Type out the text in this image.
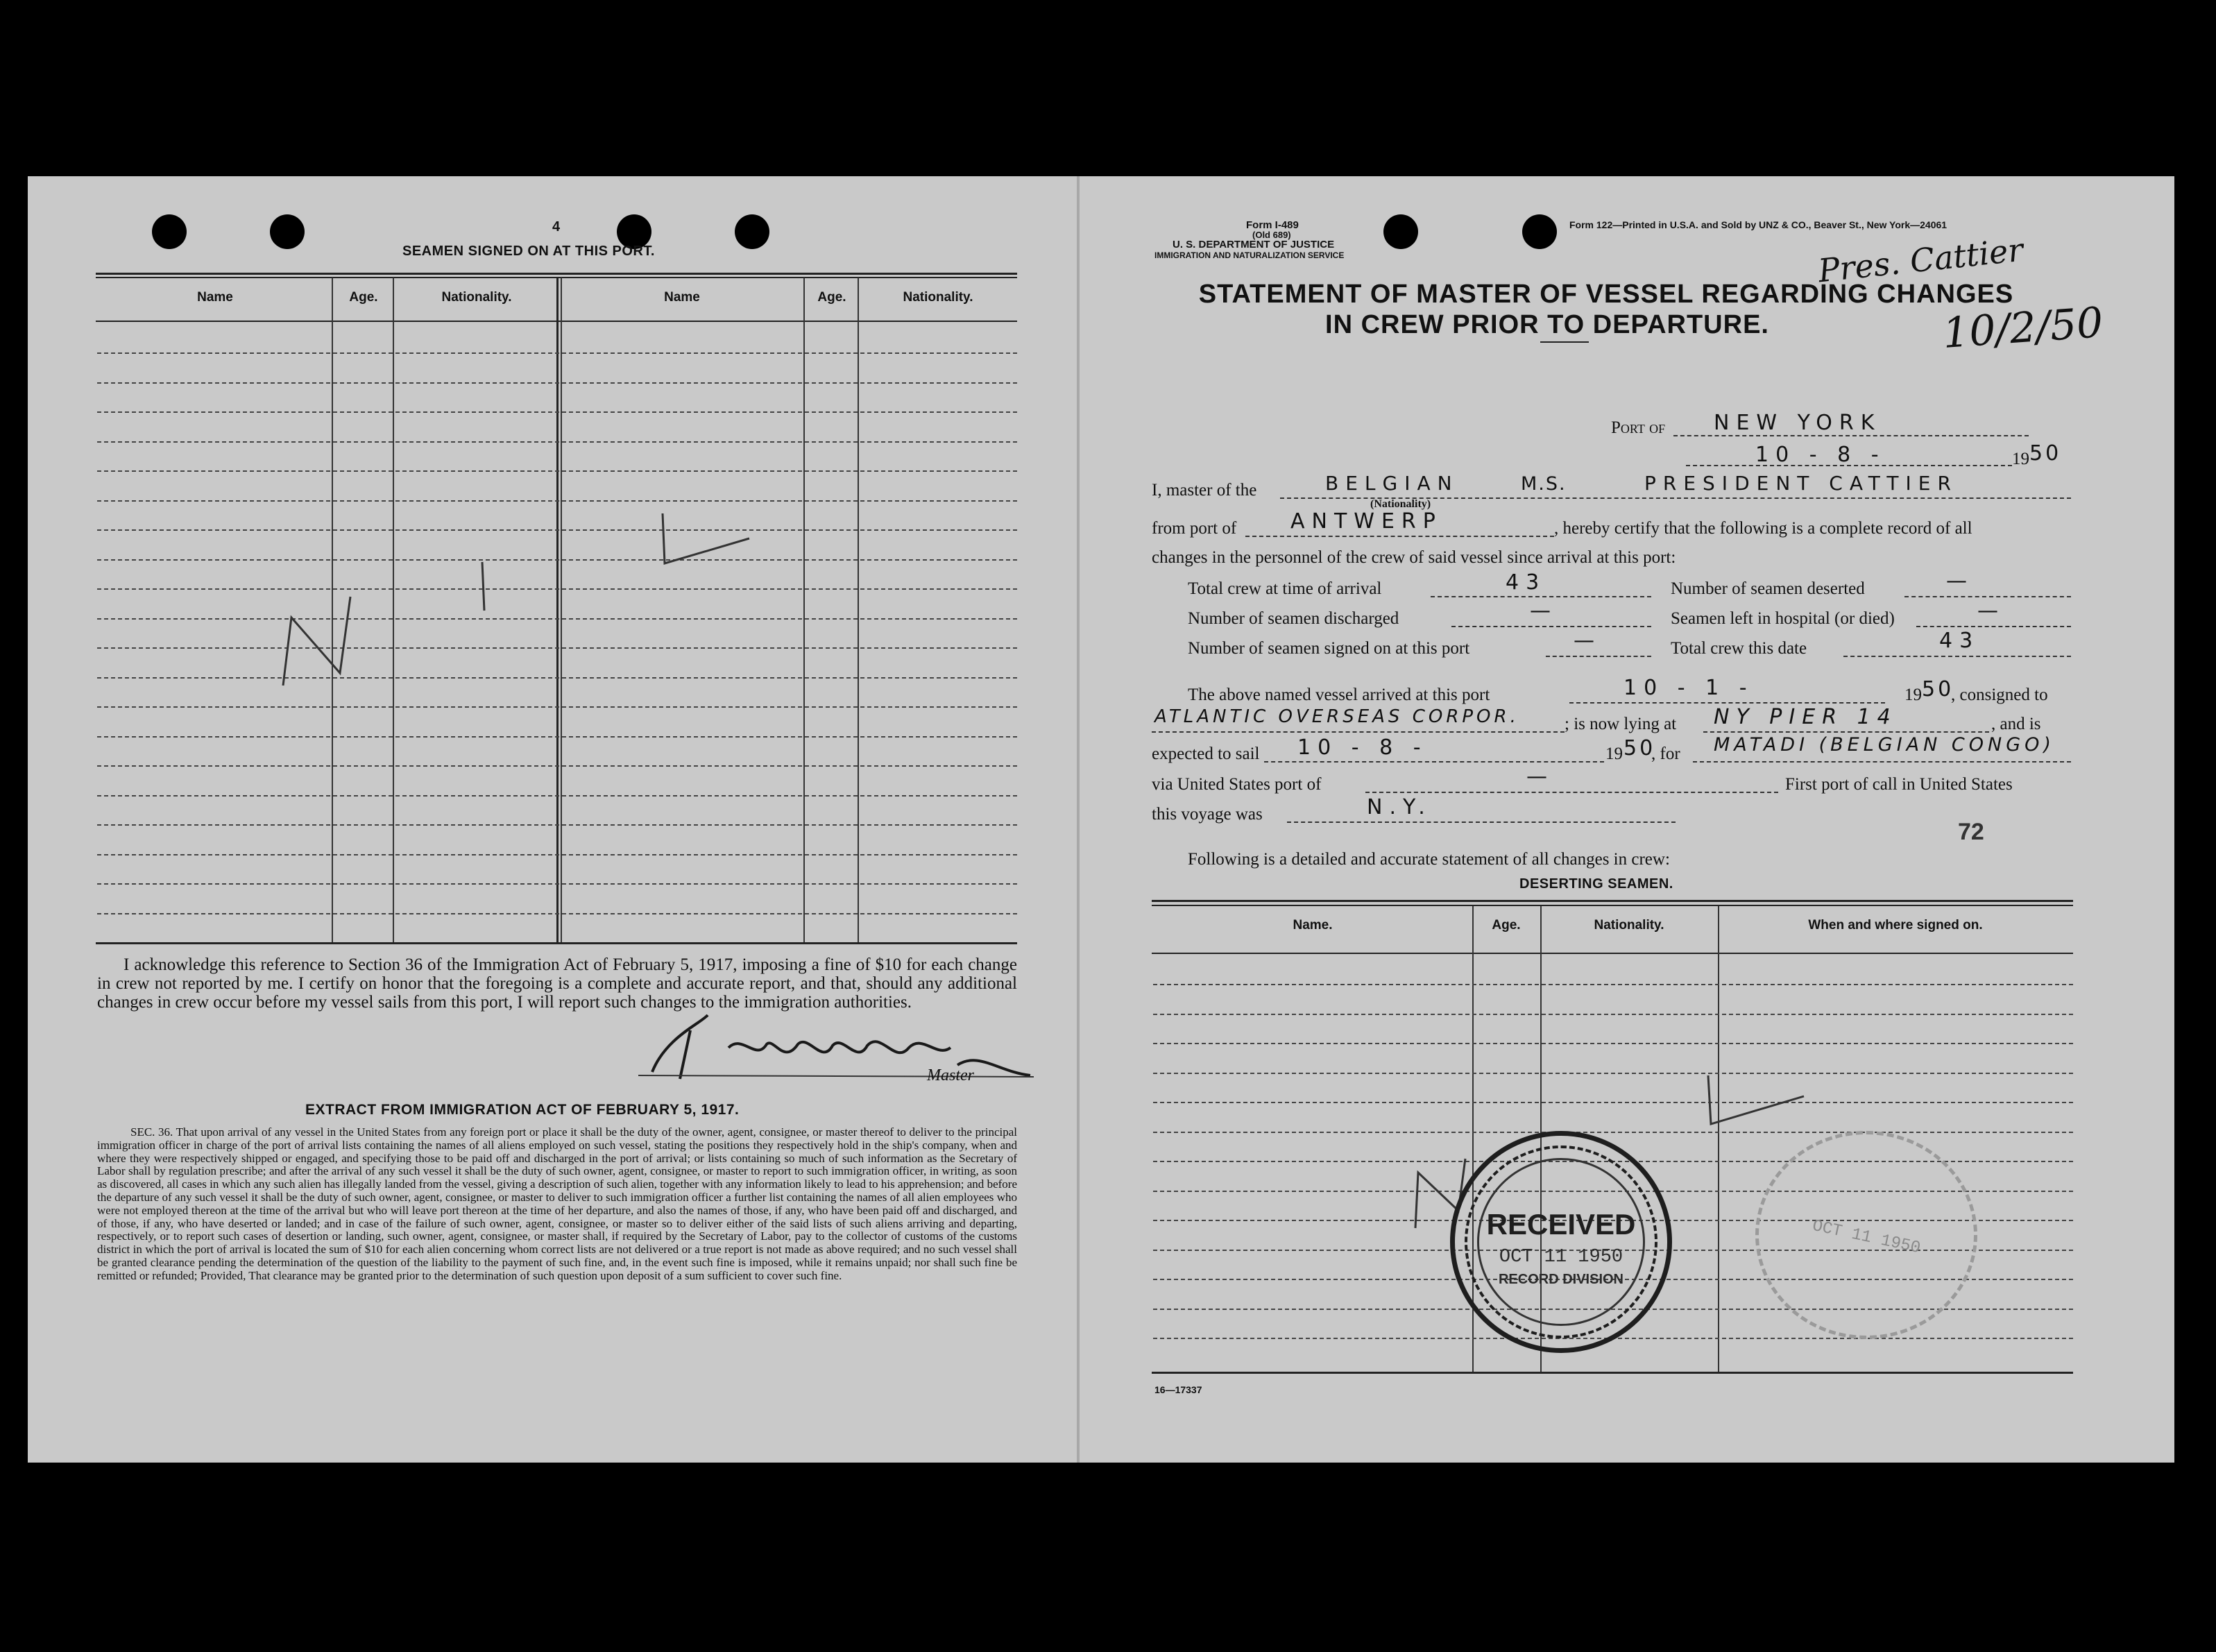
4
SEAMEN SIGNED ON AT THIS PORT.
Name	Age.	Nationality.	Name	Age.	Nationality.
I acknowledge this reference to Section 36 of the Immigration Act of February 5, 1917, imposing a fine of $10 for each change in crew not reported by me. I certify on honor that the foregoing is a complete and accurate report, and that, should any additional changes in crew occur before my vessel sails from this port, I will report such changes to the immigration authorities.
Master
EXTRACT FROM IMMIGRATION ACT OF FEBRUARY 5, 1917.
SEC. 36. That upon arrival of any vessel in the United States from any foreign port or place it shall be the duty of the owner, agent, consignee, or master thereof to deliver to the principal immigration officer in charge of the port of arrival lists containing the names of all aliens employed on such vessel, stating the positions they respectively hold in the ship's company, when and where they were respectively shipped or engaged, and specifying those to be paid off and discharged in the port of arrival; or lists containing so much of such information as the Secretary of Labor shall by regulation prescribe; and after the arrival of any such vessel it shall be the duty of such owner, agent, consignee, or master to report to such immigration officer, in writing, as soon as discovered, all cases in which any such alien has illegally landed from the vessel, giving a description of such alien, together with any information likely to lead to his apprehension; and before the departure of any such vessel it shall be the duty of such owner, agent, consignee, or master to deliver to such immigration officer a further list containing the names of all alien employees who were not employed thereon at the time of the arrival but who will leave port thereon at the time of her departure, and also the names of those, if any, who have been paid off and discharged, and of those, if any, who have deserted or landed; and in case of the failure of such owner, agent, consignee, or master so to deliver either of the said lists of such aliens arriving and departing, respectively, or to report such cases of desertion or landing, such owner, agent, consignee, or master shall, if required by the Secretary of Labor, pay to the collector of customs of the customs district in which the port of arrival is located the sum of $10 for each alien concerning whom correct lists are not delivered or a true report is not made as above required; and no such vessel shall be granted clearance pending the determination of the question of the liability to the payment of such fine, and, in the event such fine is imposed, while it remains unpaid; nor shall such fine be remitted or refunded; Provided, That clearance may be granted prior to the determination of such question upon deposit of a sum sufficient to cover such fine.
Form I-489
(Old 689)
U. S. DEPARTMENT OF JUSTICE
IMMIGRATION AND NATURALIZATION SERVICE
Form 122—Printed in U.S.A. and Sold by UNZ & CO., Beaver St., New York—24061
Pres. Cattier
10/2/50
STATEMENT OF MASTER OF VESSEL REGARDING CHANGES
IN CREW PRIOR TO DEPARTURE.
Port of NEW YORK
10 - 8 -	19 50
I, master of the	BELGIAN
(Nationality)
M.S.	PRESIDENT CATTIER
from port of	ANTWERP	, hereby certify that the following is a complete record of all
changes in the personnel of the crew of said vessel since arrival at this port:
Total crew at time of arrival	43	Number of seamen deserted	—
Number of seamen discharged	—	Seamen left in hospital (or died)	—
Number of seamen signed on at this port	—	Total crew this date	43
The above named vessel arrived at this port	10 - 1 -	19 50
, consigned to
ATLANTIC OVERSEAS CORPOR.	; is now lying at NY PIER 14	, and is
expected to sail 10 - 8 -	19 50
, for MATADI (BELGIAN CONGO)
via United States port of	—	First port of call in United States
this voyage was	N.Y.
72
Following is a detailed and accurate statement of all changes in crew:
DESERTING SEAMEN.
Name.	Age.	Nationality.	When and where signed on.
16—17337
RECEIVED
OCT 11 1950
RECORD DIVISION
OCT 11 1950
